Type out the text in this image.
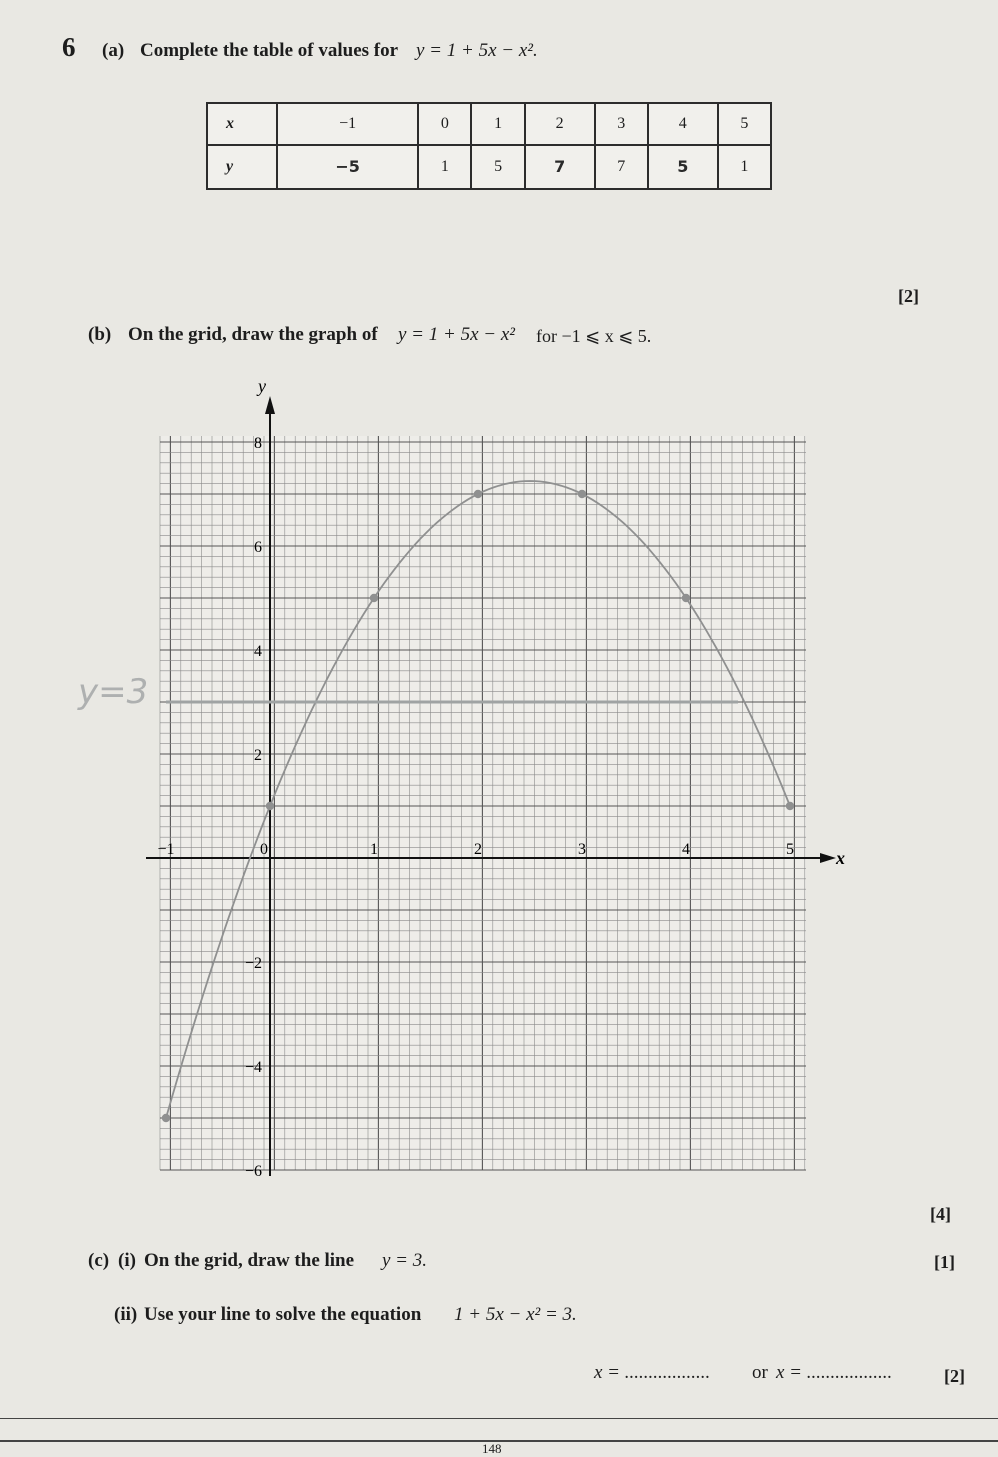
6 (a) Complete the table of values for y = 1 + 5x − x².
x	−1	0	1	2	3	4	5
y	−5	1	5	7	7	5	1
[2]
(b) On the grid, draw the graph of y = 1 + 5x − x² for −1 ⩽ x ⩽ 5.
x
y
−1	0	1	2	3	4	5
8
6
4
2
−2
−4
−6
y=3
[4]
(c) (i) On the grid, draw the line y = 3.	[1]
(ii) Use your line to solve the equation 1 + 5x − x² = 3.
x = .................. or x = ..................	[2]
148
